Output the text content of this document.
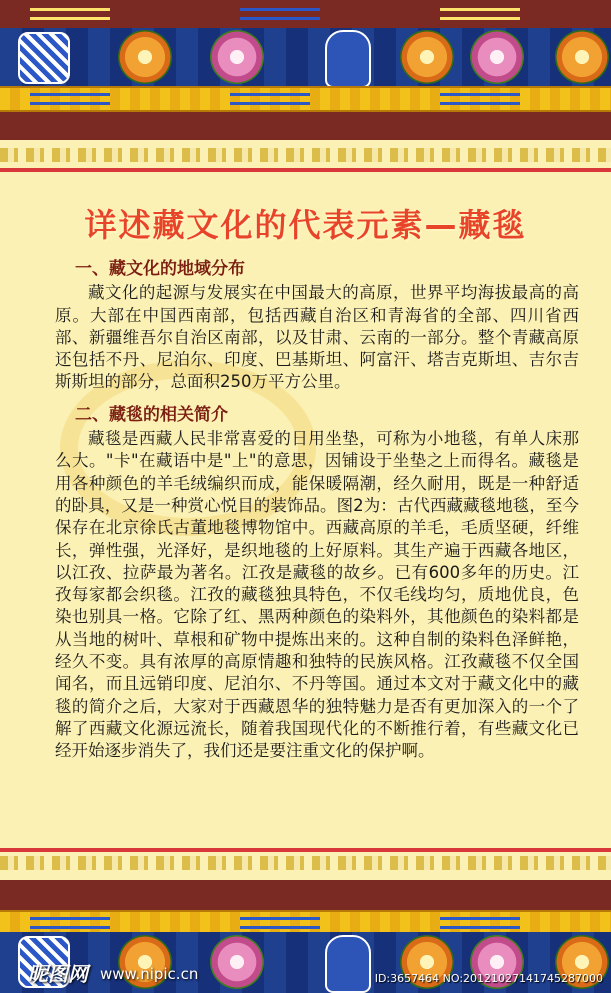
详述藏文化的代表元素—藏毯
一、藏文化的地域分布

藏文化的起源与发展实在中国最大的高原，世界平均海拔最高的高原。大部在中国西南部，包括西藏自治区和青海省的全部、四川省西部、新疆维吾尔自治区南部，以及甘肃、云南的一部分。整个青藏高原还包括不丹、尼泊尔、印度、巴基斯坦、阿富汗、塔吉克斯坦、吉尔吉斯斯坦的部分，总面积250万平方公里。

二、藏毯的相关简介

藏毯是西藏人民非常喜爱的日用坐垫，可称为小地毯，有单人床那么大。"卡"在藏语中是"上"的意思，因铺设于坐垫之上而得名。藏毯是用各种颜色的羊毛绒编织而成，能保暖隔潮，经久耐用，既是一种舒适的卧具，又是一种赏心悦目的装饰品。图2为：古代西藏藏毯地毯，至今保存在北京徐氏古董地毯博物馆中。西藏高原的羊毛，毛质坚硬，纤维长，弹性强，光泽好，是织地毯的上好原料。其生产遍于西藏各地区，以江孜、拉萨最为著名。江孜是藏毯的故乡。已有600多年的历史。江孜每家都会织毯。江孜的藏毯独具特色，不仅毛线均匀，质地优良，色染也别具一格。它除了红、黑两种颜色的染料外，其他颜色的染料都是从当地的树叶、草根和矿物中提炼出来的。这种自制的染料色泽鲜艳，经久不变。具有浓厚的高原情趣和独特的民族风格。江孜藏毯不仅全国闻名，而且远销印度、尼泊尔、不丹等国。通过本文对于藏文化中的藏毯的简介之后，大家对于西藏恩华的独特魅力是否有更加深入的一个了解了西藏文化源远流长，随着我国现代化的不断推行着，有些藏文化已经开始逐步消失了，我们还是要注重文化的保护啊。

昵图网 www.nipic.cn	ID:3657464 NO:20121027141745287000
